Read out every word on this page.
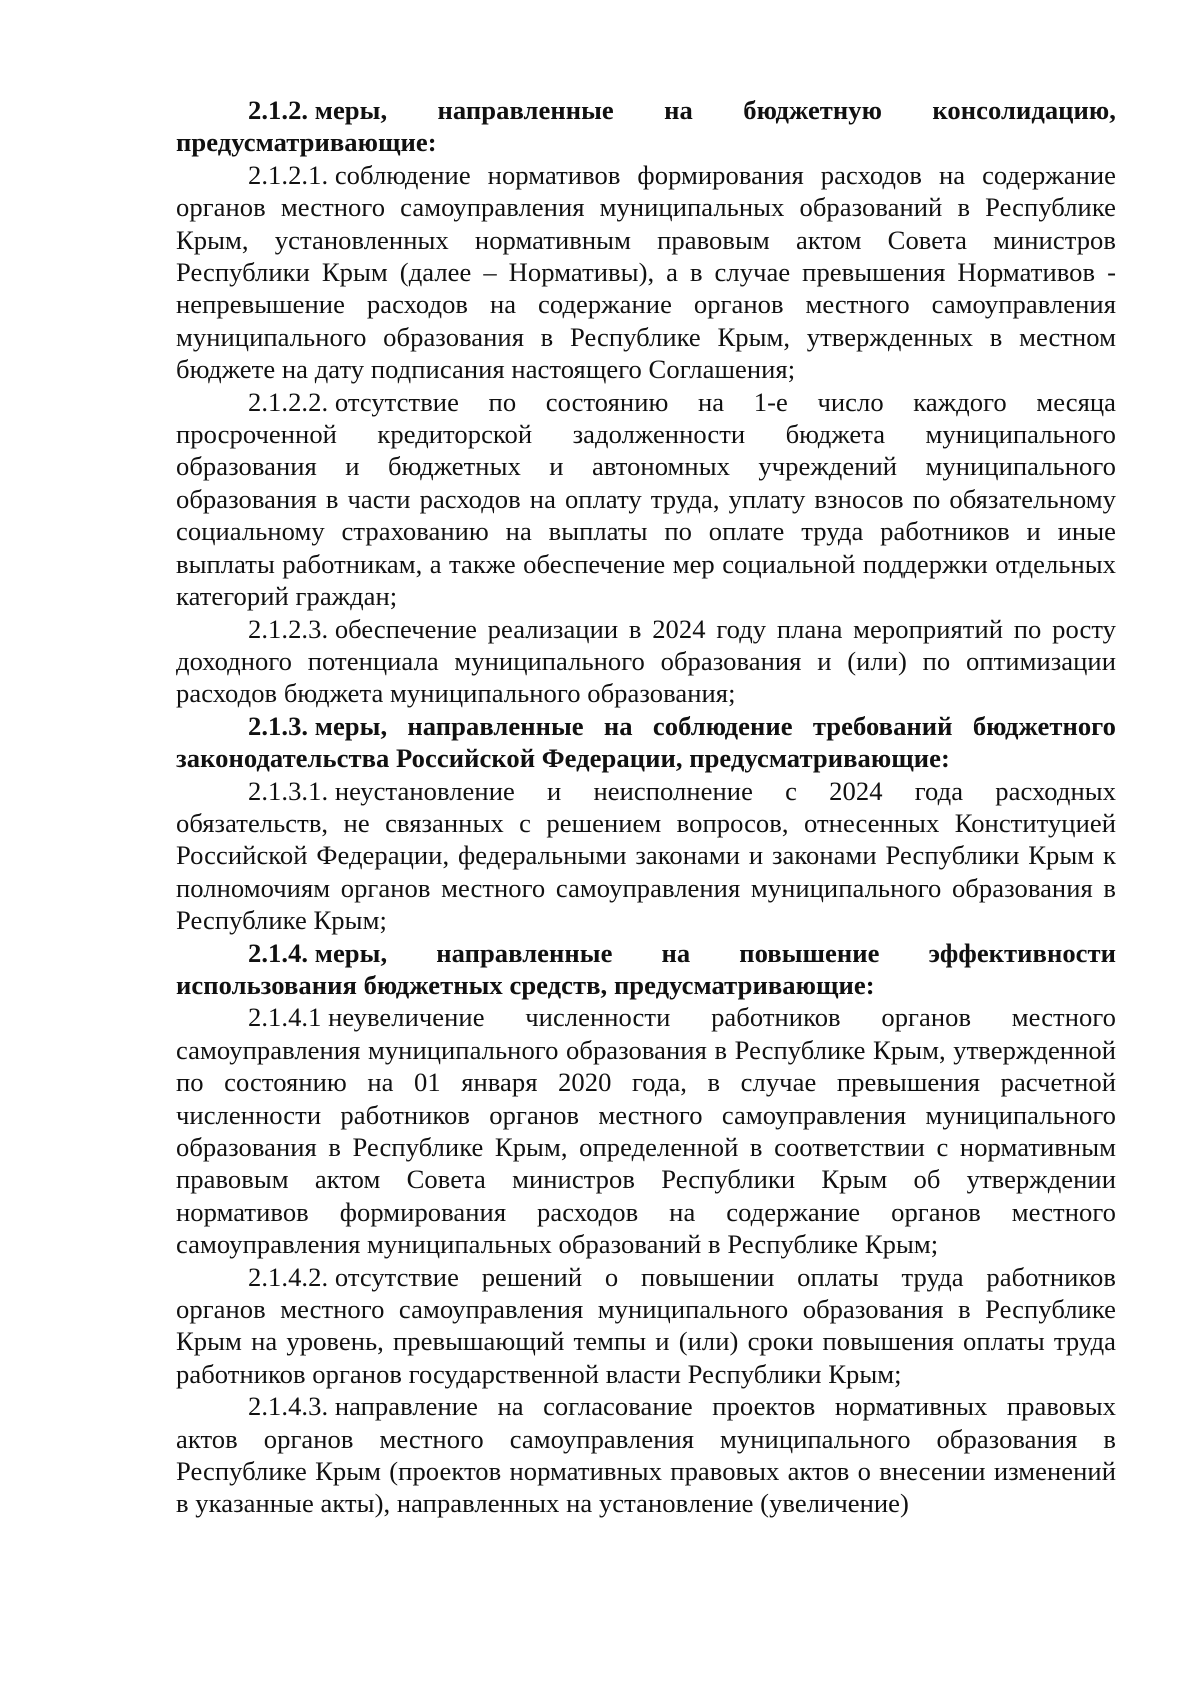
2.1.2. меры, направленные на бюджетную консолидацию, предусматривающие:

2.1.2.1. соблюдение нормативов формирования расходов на содержание органов местного самоуправления муниципальных образований в Республике Крым, установленных нормативным правовым актом Совета министров Республики Крым (далее – Нормативы), а в случае превышения Нормативов - непревышение расходов на содержание органов местного самоуправления муниципального образования в Республике Крым, утвержденных в местном бюджете на дату подписания настоящего Соглашения;

2.1.2.2. отсутствие по состоянию на 1-е число каждого месяца просроченной кредиторской задолженности бюджета муниципального образования и бюджетных и автономных учреждений муниципального образования в части расходов на оплату труда, уплату взносов по обязательному социальному страхованию на выплаты по оплате труда работников и иные выплаты работникам, а также обеспечение мер социальной поддержки отдельных категорий граждан;

2.1.2.3. обеспечение реализации в 2024 году плана мероприятий по росту доходного потенциала муниципального образования и (или) по оптимизации расходов бюджета муниципального образования;

2.1.3. меры, направленные на соблюдение требований бюджетного законодательства Российской Федерации, предусматривающие:

2.1.3.1. неустановление и неисполнение с 2024 года расходных обязательств, не связанных с решением вопросов, отнесенных Конституцией Российской Федерации, федеральными законами и законами Республики Крым к полномочиям органов местного самоуправления муниципального образования в Республике Крым;

2.1.4. меры, направленные на повышение эффективности использования бюджетных средств, предусматривающие:

2.1.4.1 неувеличение численности работников органов местного самоуправления муниципального образования в Республике Крым, утвержденной по состоянию на 01 января 2020 года, в случае превышения расчетной численности работников органов местного самоуправления муниципального образования в Республике Крым, определенной в соответствии с нормативным правовым актом Совета министров Республики Крым об утверждении нормативов формирования расходов на содержание органов местного самоуправления муниципальных образований в Республике Крым;

2.1.4.2. отсутствие решений о повышении оплаты труда работников органов местного самоуправления муниципального образования в Республике Крым на уровень, превышающий темпы и (или) сроки повышения оплаты труда работников органов государственной власти Республики Крым;

2.1.4.3. направление на согласование проектов нормативных правовых актов органов местного самоуправления муниципального образования в Республике Крым (проектов нормативных правовых актов о внесении изменений в указанные акты), направленных на установление (увеличение)
